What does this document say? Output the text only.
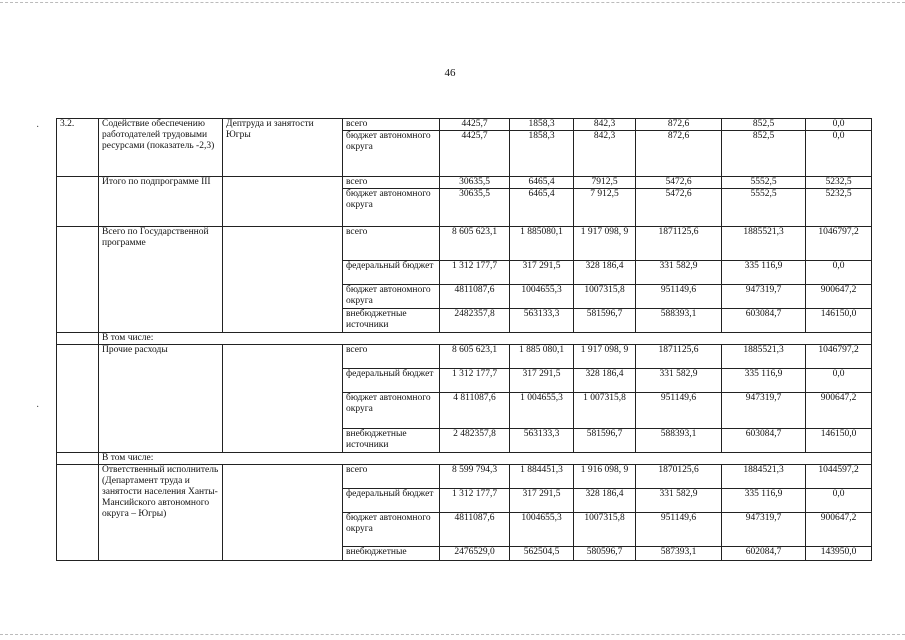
46
·
·
3.2.	Содействие обеспечению работодателей трудовыми ресурсами (показатель -2,3)	Дептруда и занятости Югры	всего	4425,7	1858,3	842,3	872,6	852,5	0,0
			бюджет автономного округа	4425,7	1858,3	842,3	872,6	852,5	0,0
	Итого по подпрограмме III		всего	30635,5	6465,4	7912,5	5472,6	5552,5	5232,5
			бюджет автономного округа	30635,5	6465,4	7 912,5	5472,6	5552,5	5232,5
	Всего по Государственной программе		всего	8 605 623,1	1 885080,1	1 917 098, 9	1871125,6	1885521,3	1046797,2
			федеральный бюджет	1 312 177,7	317 291,5	328 186,4	331 582,9	335 116,9	0,0
			бюджет автономного округа	4811087,6	1004655,3	1007315,8	951149,6	947319,7	900647,2
			внебюджетные источники	2482357,8	563133,3	581596,7	588393,1	603084,7	146150,0
	В том числе:								
	Прочие расходы		всего	8 605 623,1	1 885 080,1	1 917 098, 9	1871125,6	1885521,3	1046797,2
			федеральный бюджет	1 312 177,7	317 291,5	328 186,4	331 582,9	335 116,9	0,0
			бюджет автономного округа	4 811087,6	1 004655,3	1 007315,8	951149,6	947319,7	900647,2
			внебюджетные источники	2 482357,8	563133,3	581596,7	588393,1	603084,7	146150,0
	В том числе:								
	Ответственный исполнитель (Департамент труда и занятости населения Ханты-Мансийского автономного округа – Югры)		всего	8 599 794,3	1 884451,3	1 916 098, 9	1870125,6	1884521,3	1044597,2
			федеральный бюджет	1 312 177,7	317 291,5	328 186,4	331 582,9	335 116,9	0,0
			бюджет автономного округа	4811087,6	1004655,3	1007315,8	951149,6	947319,7	900647,2
			внебюджетные	2476529,0	562504,5	580596,7	587393,1	602084,7	143950,0
